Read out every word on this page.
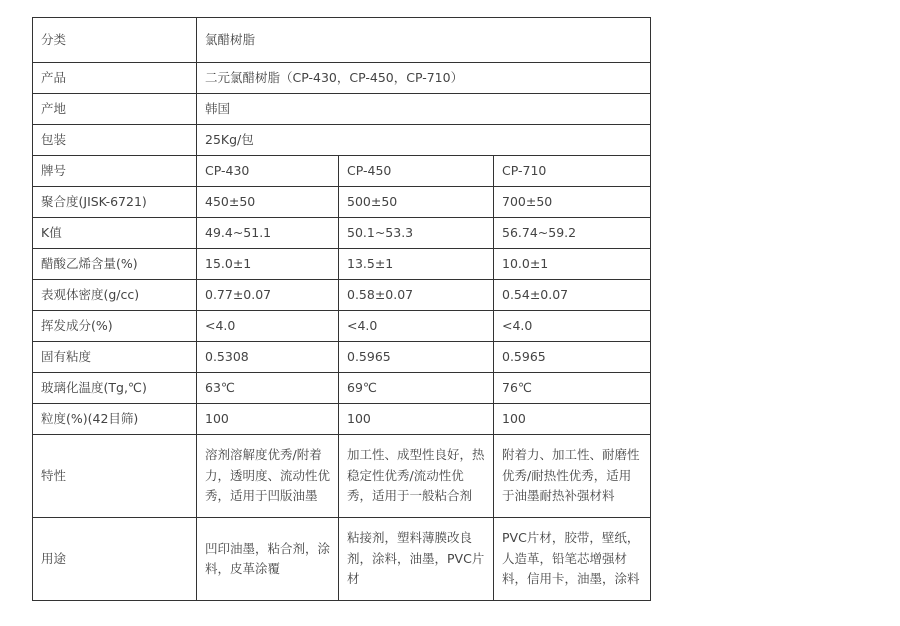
分类	氯醋树脂		
产品	二元氯醋树脂（CP-430，CP-450，CP-710）		
产地	韩国		
包装	25Kg/包		
牌号	CP-430	CP-450	CP-710
聚合度(JISK-6721)	450±50	500±50	700±50
K值	49.4~51.1	50.1~53.3	56.74~59.2
醋酸乙烯含量(%)	15.0±1	13.5±1	10.0±1
表观体密度(g/cc)	0.77±0.07	0.58±0.07	0.54±0.07
挥发成分(%)	<4.0	<4.0	<4.0
固有粘度	0.5308	0.5965	0.5965
玻璃化温度(Tg,℃)	63℃	69℃	76℃
粒度(%)(42目筛)	100	100	100
特性	溶剂溶解度优秀/附着力，透明度、流动性优秀，适用于凹版油墨	加工性、成型性良好，热稳定性优秀/流动性优秀，适用于一般粘合剂	附着力、加工性、耐磨性优秀/耐热性优秀，适用于油墨耐热补强材料
用途	凹印油墨，粘合剂，涂料，皮革涂覆	粘接剂，塑料薄膜改良剂，涂料，油墨，PVC片材	PVC片材，胶带，壁纸，人造革，铅笔芯增强材料，信用卡，油墨，涂料
